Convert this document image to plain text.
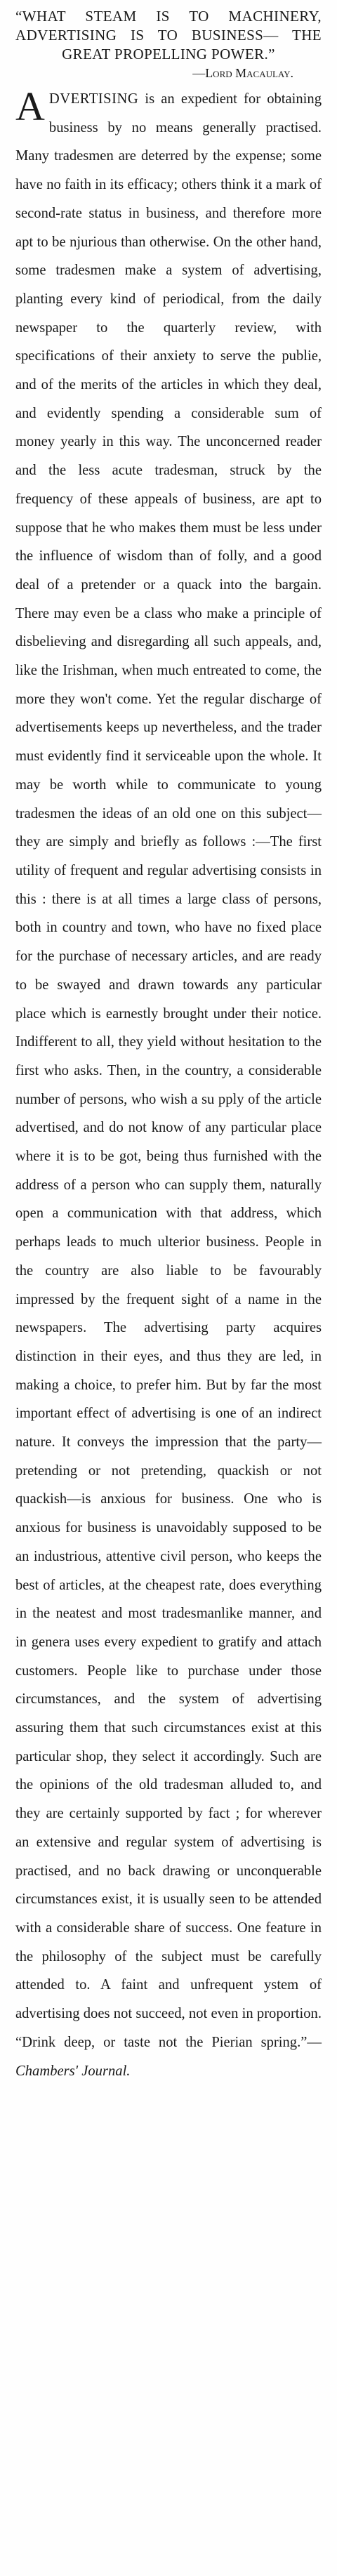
“WHAT STEAM IS TO MACHINERY, ADVERTISING IS TO BUSINESS— THE GREAT PROPELLING POWER.”

—Lord Macaulay.

ADVERTISING is an expedient for obtaining business by no means generally practised. Many tradesmen are deterred by the expense; some have no faith in its efficacy; others think it a mark of second-rate status in business, and therefore more apt to be njurious than otherwise. On the other hand, some tradesmen make a system of advertising, planting every kind of periodical, from the daily newspaper to the quarterly review, with specifications of their anxiety to serve the publie, and of the merits of the articles in which they deal, and evidently spending a considerable sum of money yearly in this way. The unconcerned reader and the less acute tradesman, struck by the frequency of these appeals of business, are apt to suppose that he who makes them must be less under the influence of wisdom than of folly, and a good deal of a pretender or a quack into the bargain. There may even be a class who make a principle of disbelieving and disregarding all such appeals, and, like the Irishman, when much entreated to come, the more they won't come. Yet the regular discharge of advertisements keeps up nevertheless, and the trader must evidently find it serviceable upon the whole. It may be worth while to communicate to young tradesmen the ideas of an old one on this subject—they are simply and briefly as follows :—The first utility of frequent and regular advertising consists in this : there is at all times a large class of persons, both in country and town, who have no fixed place for the purchase of necessary articles, and are ready to be swayed and drawn towards any particular place which is earnestly brought under their notice. Indifferent to all, they yield without hesitation to the first who asks. Then, in the country, a considerable number of persons, who wish a su pply of the article advertised, and do not know of any particular place where it is to be got, being thus furnished with the address of a person who can supply them, naturally open a communication with that address, which perhaps leads to much ulterior business. People in the country are also liable to be favourably impressed by the frequent sight of a name in the newspapers. The advertising party acquires distinction in their eyes, and thus they are led, in making a choice, to prefer him. But by far the most important effect of advertising is one of an indirect nature. It conveys the impression that the party—pretending or not pretending, quackish or not quackish—is anxious for business. One who is anxious for business is unavoidably supposed to be an industrious, attentive civil person, who keeps the best of articles, at the cheapest rate, does everything in the neatest and most tradesmanlike manner, and in genera uses every expedient to gratify and attach customers. People like to purchase under those circumstances, and the system of advertising assuring them that such circumstances exist at this particular shop, they select it accordingly. Such are the opinions of the old tradesman alluded to, and they are certainly supported by fact ; for wherever an extensive and regular system of advertising is practised, and no back drawing or unconquerable circumstances exist, it is usually seen to be attended with a considerable share of success. One feature in the philosophy of the subject must be carefully attended to. A faint and unfrequent ystem of advertising does not succeed, not even in proportion. “Drink deep, or taste not the Pierian spring.”—Chambers' Journal.
